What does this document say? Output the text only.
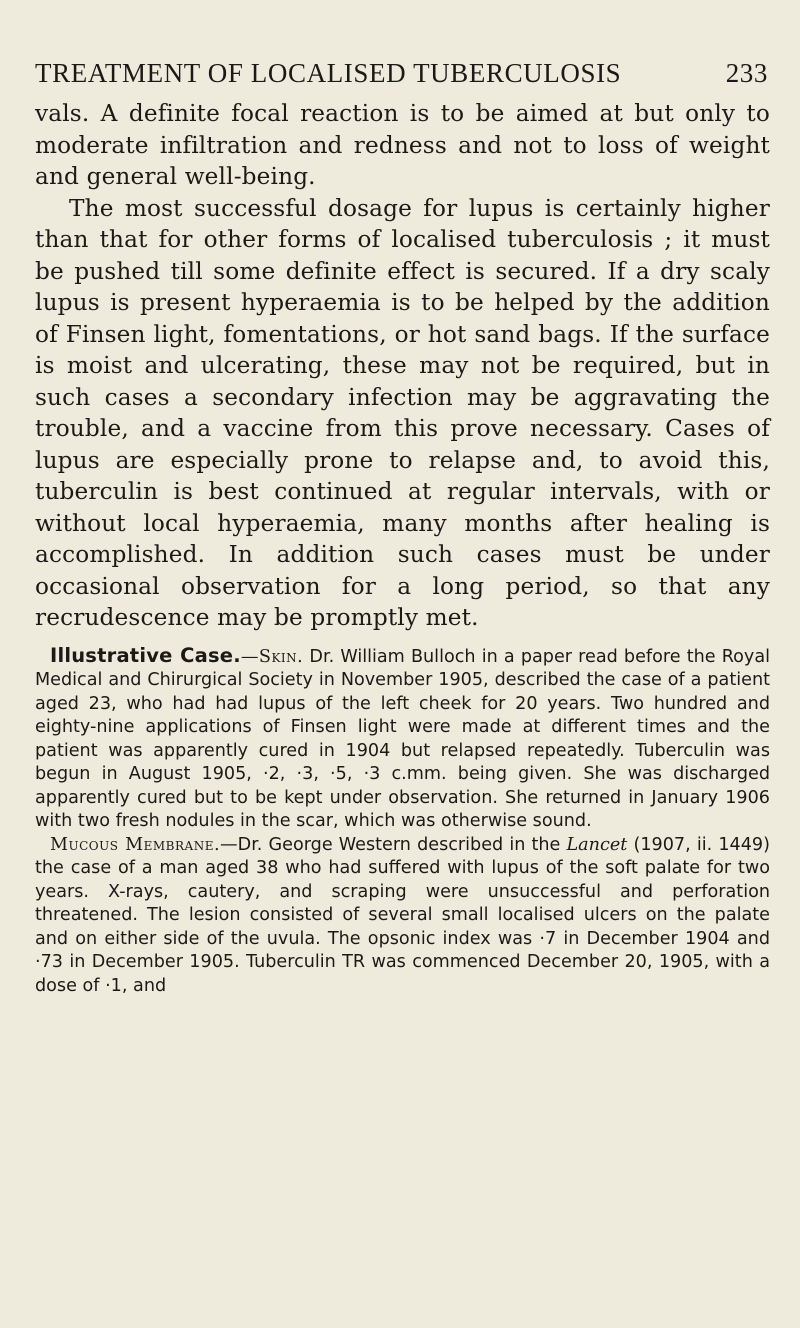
TREATMENT OF LOCALISED TUBERCULOSIS	233

vals. A definite focal reaction is to be aimed at but only to moderate infiltration and redness and not to loss of weight and general well-being.

The most successful dosage for lupus is certainly higher than that for other forms of localised tuberculosis ; it must be pushed till some definite effect is secured. If a dry scaly lupus is present hyperaemia is to be helped by the addition of Finsen light, fomentations, or hot sand bags. If the surface is moist and ulcerating, these may not be required, but in such cases a secondary infection may be aggravating the trouble, and a vaccine from this prove necessary. Cases of lupus are especially prone to relapse and, to avoid this, tuberculin is best continued at regular intervals, with or without local hyperaemia, many months after healing is accomplished. In addition such cases must be under occasional observation for a long period, so that any recrudescence may be promptly met.

Illustrative Case.—Skin. Dr. William Bulloch in a paper read before the Royal Medical and Chirurgical Society in November 1905, described the case of a patient aged 23, who had had lupus of the left cheek for 20 years. Two hundred and eighty-nine applications of Finsen light were made at different times and the patient was apparently cured in 1904 but relapsed repeatedly. Tuberculin was begun in August 1905, ·2, ·3, ·5, ·3 c.mm. being given. She was discharged apparently cured but to be kept under observation. She returned in January 1906 with two fresh nodules in the scar, which was otherwise sound.

Mucous Membrane.—Dr. George Western described in the Lancet (1907, ii. 1449) the case of a man aged 38 who had suffered with lupus of the soft palate for two years. X-rays, cautery, and scraping were unsuccessful and perforation threatened. The lesion consisted of several small localised ulcers on the palate and on either side of the uvula. The opsonic index was ·7 in December 1904 and ·73 in December 1905. Tuberculin TR was commenced December 20, 1905, with a dose of ·1, and
